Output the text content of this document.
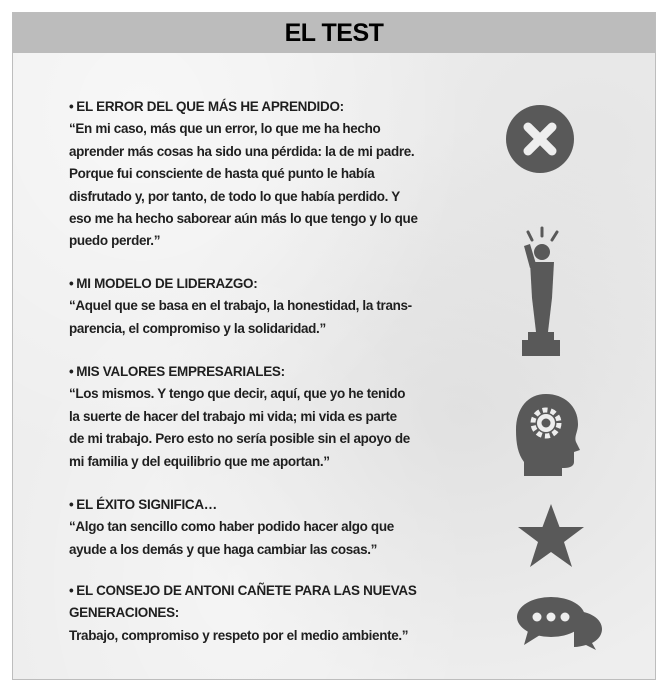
EL TEST
• EL ERROR DEL QUE MÁS HE APRENDIDO:
“En mi caso, más que un error, lo que me ha hecho
aprender más cosas ha sido una pérdida: la de mi padre.
Porque fui consciente de hasta qué punto le había
disfrutado y, por tanto, de todo lo que había perdido. Y
eso me ha hecho saborear aún más lo que tengo y lo que
puedo perder.”
• MI MODELO DE LIDERAZGO:
“Aquel que se basa en el trabajo, la honestidad, la trans-
parencia, el compromiso y la solidaridad.”
• MIS VALORES EMPRESARIALES:
“Los mismos. Y tengo que decir, aquí, que yo he tenido
la suerte de hacer del trabajo mi vida; mi vida es parte
de mi trabajo. Pero esto no sería posible sin el apoyo de
mi familia y del equilibrio que me aportan.”
• EL ÉXITO SIGNIFICA…
“Algo tan sencillo como haber podido hacer algo que
ayude a los demás y que haga cambiar las cosas.”
• EL CONSEJO DE ANTONI CAÑETE PARA LAS NUEVAS
GENERACIONES:
Trabajo, compromiso y respeto por el medio ambiente.”
